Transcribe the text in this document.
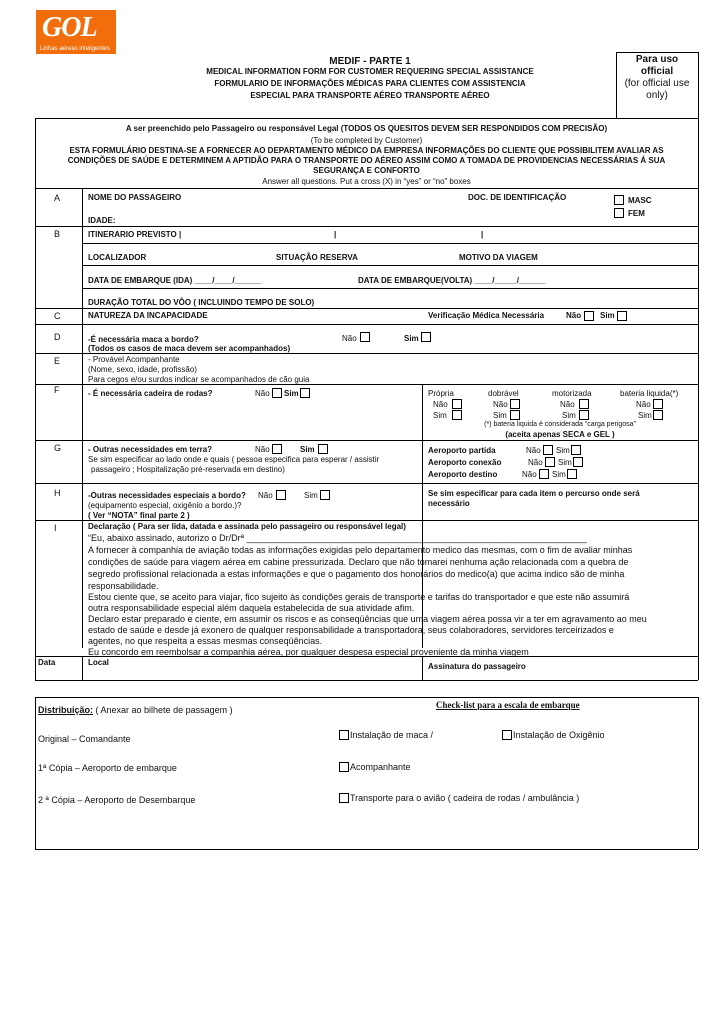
GOL
Linhas aéreas inteligentes
MEDIF - PARTE 1
MEDICAL INFORMATION FORM FOR CUSTOMER REQUERING SPECIAL ASSISTANCE
FORMULARIO DE INFORMAÇÕES MÉDICAS PARA CLIENTES COM ASSISTENCIA
ESPECIAL PARA TRANSPORTE AÉREO TRANSPORTE AÉREO
Para uso
official
(for official use
only)
A ser preenchido pelo Passageiro ou responsável Legal (TODOS OS QUESITOS DEVEM SER RESPONDIDOS COM PRECISÃO)
(To be completed by Customer)
ESTA FORMULÁRIO DESTINA-SE A FORNECER AO DEPARTAMENTO MÉDICO DA EMPRESA INFORMAÇÕES DO CLIENTE QUE POSSIBILITEM AVALIAR AS
CONDIÇÕES DE SAÚDE E DETERMINEM A APTIDÃO PARA O TRANSPORTE DO AÉREO ASSIM COMO A TOMADA DE PROVIDENCIAS NECESSÁRIAS Á SUA
SEGURANÇA E CONFORTO
Answer all questions. Put a cross (X) in “yes” or “no” boxes
A	NOME DO PASSAGEIRO	DOC. DE IDENTIFICAÇÃO	MASC
FEM
IDADE:
B	ITINERARIO PREVISTO |	|	|
LOCALIZADOR	SITUAÇÃO RESERVA	MOTIVO DA VIAGEM
DATA DE EMBARQUE (IDA) ____/____/______	DATA DE EMBARQUE(VOLTA) ____/_____/______
DURAÇÃO TOTAL DO VÔO ( INCLUINDO TEMPO DE SOLO)
C	NATUREZA DA INCAPACIDADE	Verificação Médica Necessária	Não Sim
D	-É necessária maca a bordo?	Não	Sim
(Todos os casos de maca devem ser acompanhados)
E	- Provável Acompanhante
(Nome, sexo, idade, profissão)
Para cegos e/ou surdos indicar se acompanhados de cão guia
F	- É necessária cadeira de rodas?	Não Sim	Própria	dobrável	motorizada	bateria liquida(*)
Não	Não	Não	Não
Sim	Sim	Sim	Sim
(*) bateria liquida é considerada “carga perigosa”
(aceita apenas SECA e GEL )
G	- Outras necessidades em terra?	Não	Sim
Se sim especificar ao lado onde e quais ( pessoa especifica para esperar / assistir
passageiro ; Hospitalização pré-reservada em destino)
Aeroporto partida	Não Sim
Aeroporto conexão	Não Sim
Aeroporto destino	Não Sim
H	-Outras necessidades especiais a bordo? Não	Sim
(equipamento especial, oxigênio a bordo.)?
( Ver “NOTA” final parte 2 )
Se sim especificar para cada item o percurso onde será
necessário
I	Declaração ( Para ser lida, datada e assinada pelo passageiro ou responsável legal)
“Eu, abaixo assinado, autorizo o Dr/Drª ____________________________________________________________________
A fornecer à companhia de aviação todas as informações exigidas pelo departamento medico das mesmas, com o fim de avaliar minhas
condições de saúde para viagem aérea em cabine pressurizada. Declaro que não tomarei nenhuma ação relacionada com a quebra de
segredo profissional relacionada a estas informações e que o pagamento dos honorários do medico(a) que acima indico são de minha
responsabilidade.
Estou ciente que, se aceito para viajar, fico sujeito às condições gerais de transporte e tarifas do transportador e que este não assumirá
outra responsabilidade especial além daquela estabelecida de sua atividade afim.
Declaro estar preparado e ciente, em assumir os riscos e as conseqüências que uma viagem aérea possa vir a ter em agravamento ao meu
estado de saúde e desde já exonero de qualquer responsabilidade a transportadora, seus colaboradores, servidores terceirizados e
agentes, no que respeita a essas mesmas conseqüências.
Eu concordo em reembolsar a companhia aérea, por qualquer despesa especial proveniente da minha viagem
Data	Local	Assinatura do passageiro
Distribuição: ( Anexar ao bilhete de passagem )
Original – Comandante
1ª Cópia – Aeroporto de embarque
2 ª Cópia – Aeroporto de Desembarque
Check-list para a escala de embarque
Instalação de maca /	Instalação de Oxigênio
Acompanhante
Transporte para o avião ( cadeira de rodas / ambulância )
